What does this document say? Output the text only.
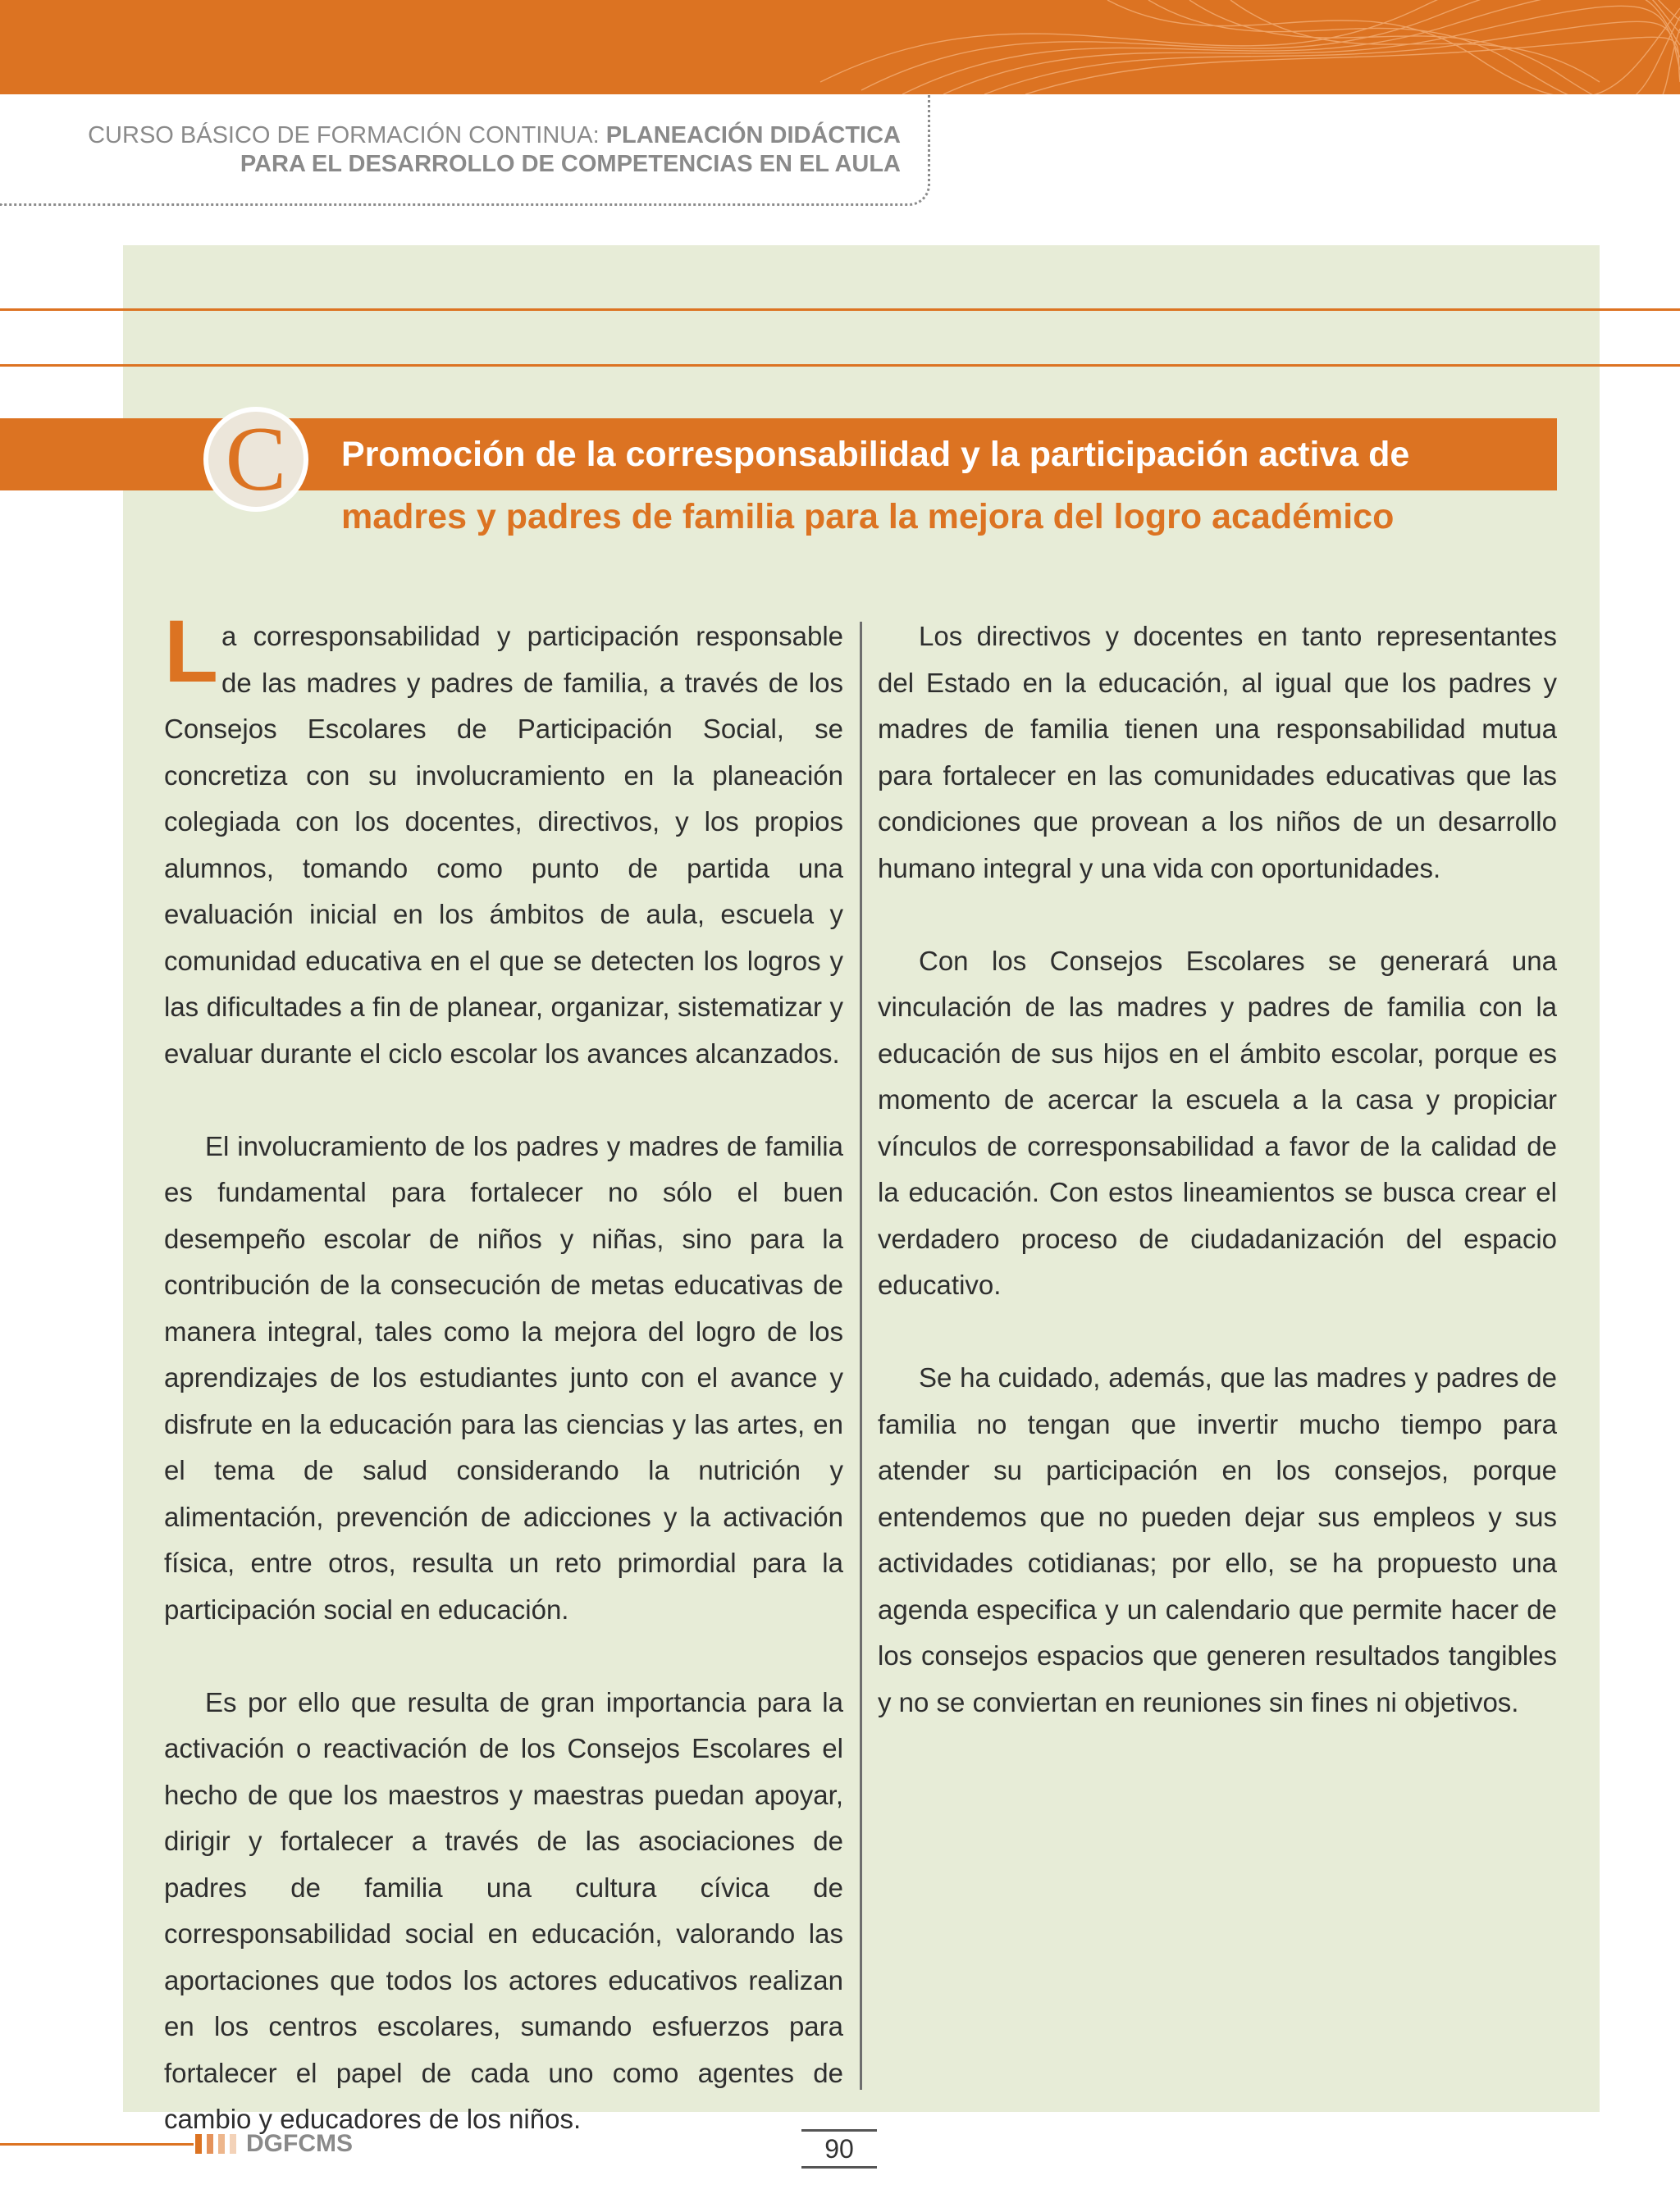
CURSO BÁSICO DE FORMACIÓN CONTINUA: PLANEACIÓN DIDÁCTICA
PARA EL DESARROLLO DE COMPETENCIAS EN EL AULA
C	Promoción de la corresponsabilidad y la participación activa de
madres y padres de familia para la mejora del logro académico

La corresponsabilidad y participación responsable de las madres y padres de familia, a través de los Consejos Escolares de Participación Social, se concretiza con su involucramiento en la planeación colegiada con los docentes, directivos, y los propios alumnos, tomando como punto de partida una evaluación inicial en los ámbitos de aula, escuela y comunidad educativa en el que se detecten los logros y las dificultades a fin de planear, organizar, sistematizar y evaluar durante el ciclo escolar los avances alcanzados.

El involucramiento de los padres y madres de familia es fundamental para fortalecer no sólo el buen desempeño escolar de niños y niñas, sino para la contribución de la consecución de metas educativas de manera integral, tales como la mejora del logro de los aprendizajes de los estudiantes junto con el avance y disfrute en la educación para las ciencias y las artes, en el tema de salud considerando la nutrición y alimentación, prevención de adicciones y la activación física, entre otros, resulta un reto primordial para la participación social en educación.

Es por ello que resulta de gran importancia para la activación o reactivación de los Consejos Escolares el hecho de que los maestros y maestras puedan apoyar, dirigir y fortalecer a través de las asociaciones de padres de familia una cultura cívica de corresponsabilidad social en educación, valorando las aportaciones que todos los actores educativos realizan en los centros escolares, sumando esfuerzos para fortalecer el papel de cada uno como agentes de cambio y educadores de los niños.

Los directivos y docentes en tanto representantes del Estado en la educación, al igual que los padres y madres de familia tienen una responsabilidad mutua para fortalecer en las comunidades educativas que las condiciones que provean a los niños de un desarrollo humano integral y una vida con oportunidades.

Con los Consejos Escolares se generará una vinculación de las madres y padres de familia con la educación de sus hijos en el ámbito escolar, porque es momento de acercar la escuela a la casa y propiciar vínculos de corresponsabilidad a favor de la calidad de la educación. Con estos lineamientos se busca crear el verdadero proceso de ciudadanización del espacio educativo.

Se ha cuidado, además, que las madres y padres de familia no tengan que invertir mucho tiempo para atender su participación en los consejos, porque entendemos que no pueden dejar sus empleos y sus actividades cotidianas; por ello, se ha propuesto una agenda especifica y un calendario que permite hacer de los consejos espacios que generen resultados tangibles y no se conviertan en reuniones sin fines ni objetivos.

DGFCMS	90
